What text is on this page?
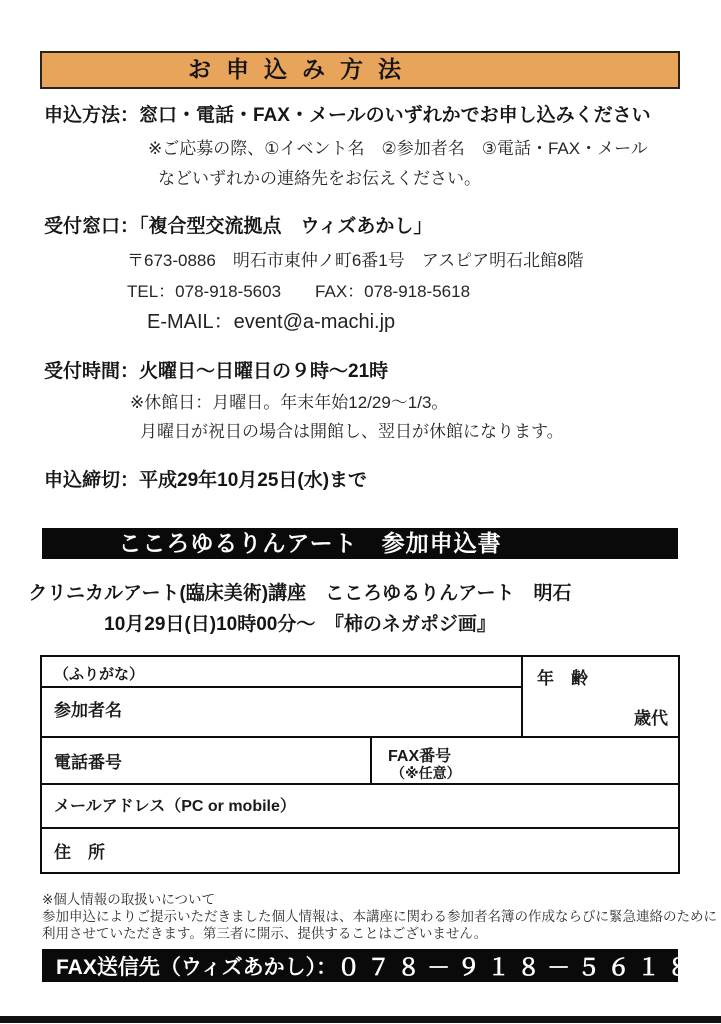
お申込み方法
申込方法：窓口・電話・FAX・メールのいずれかでお申し込みください
※ご応募の際、①イベント名　②参加者名　③電話・FAX・メール
などいずれかの連絡先をお伝えください。
受付窓口：「複合型交流拠点　ウィズあかし」
〒673-0886　明石市東仲ノ町6番1号　アスピア明石北館8階
TEL：078-918-5603　　FAX：078-918-5618
E-MAIL：event@a-machi.jp
受付時間：火曜日～日曜日の９時～21時
※休館日：月曜日。年末年始12/29～1/3。
月曜日が祝日の場合は開館し、翌日が休館になります。
申込締切：平成29年10月25日(水)まで
こころゆるりんアート　参加申込書
クリニカルアート(臨床美術)講座　こころゆるりんアート　明石
10月29日(日)10時00分～　『柿のネガポジ画』
（ふりがな）
参加者名
年　齢
歳代
電話番号	FAX番号
（※任意）
メールアドレス（PC or mobile）
住　所
※個人情報の取扱いについて
参加申込によりご提示いただきました個人情報は、本講座に関わる参加者名簿の作成ならびに緊急連絡のために
利用させていただきます。第三者に開示、提供することはございません。
FAX送信先（ウィズあかし）： ０７８－９１８－５６１８
